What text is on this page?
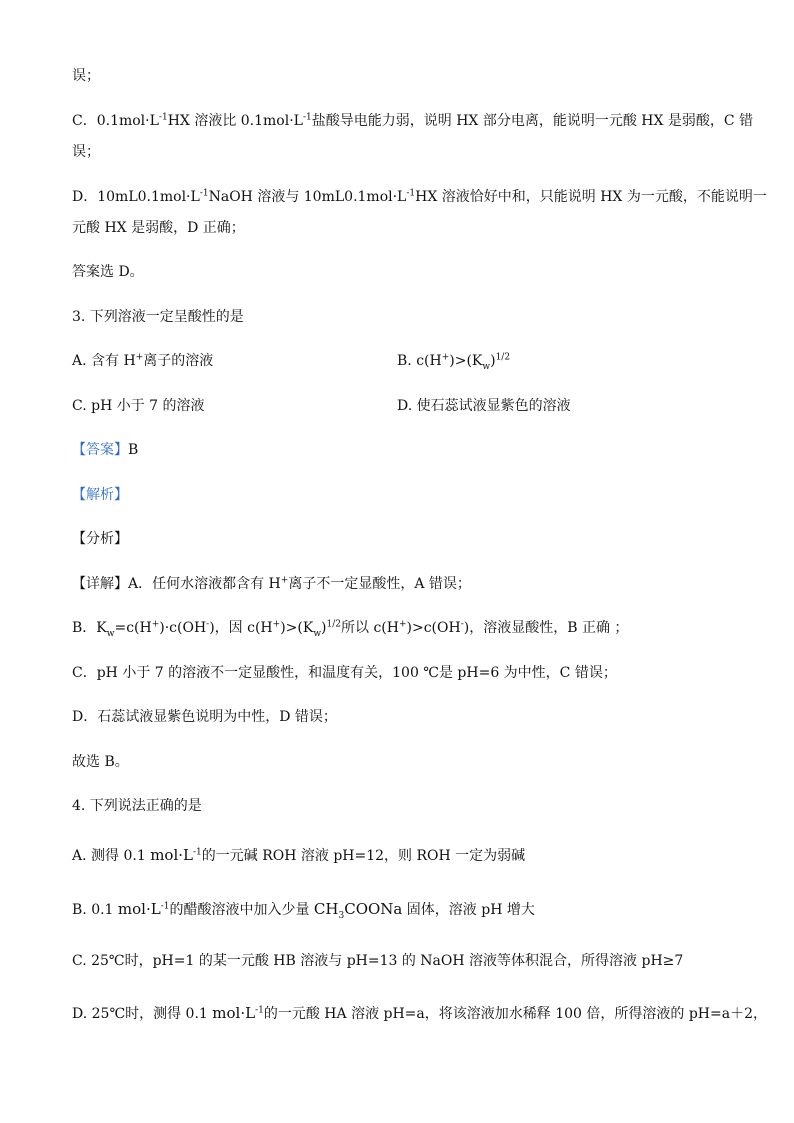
误；
C．$0.1mol\cdot L^{-1}HX$ 溶液比 $0.1mol\cdot L^{-1}$盐酸导电能力弱，说明 HX 部分电离，能说明一元酸 HX 是弱酸，C 错
误；
D．$10mL0.1mol\cdot L^{-1}NaOH$ 溶液与 $10mL0.1mol\cdot L^{-1}HX$ 溶液恰好中和，只能说明 HX 为一元酸，不能说明一
元酸 HX 是弱酸，D 正确；
答案选 D。
3. 下列溶液一定呈酸性的是
A. 含有 H+离子的溶液	B. $c(H^+)>(K_w)^{1/2}$
C. pH 小于 7 的溶液	D. 使石蕊试液显紫色的溶液
【答案】B
【解析】
【分析】
【详解】A．任何水溶液都含有 H+离子不一定显酸性，A 错误；
B．$K_w=c(H^+)\cdot c(OH^-)$，因 $c(H^+)>(K_w)^{1/2}$所以 c(H+)>c(OH-)，溶液显酸性，B 正确 ；
C．pH 小于 7 的溶液不一定显酸性，和温度有关，100 ℃是 pH=6 为中性，C 错误；
D．石蕊试液显紫色说明为中性，D 错误；
故选 B。
4. 下列说法正确的是
A. 测得 0.1 $mol\cdot L^{-1}$的一元碱 ROH 溶液 pH=12，则 ROH 一定为弱碱
B. 0.1 $mol\cdot L^{-1}$的醋酸溶液中加入少量 $CH_3COONa$ 固体，溶液 pH 增大
C. 25℃时，pH=1 的某一元酸 HB 溶液与 pH=13 的 NaOH 溶液等体积混合，所得溶液 pH≥7
D. 25℃时，测得 0.1 $mol\cdot L^{-1}$的一元酸 HA 溶液 pH=a，将该溶液加水稀释 100 倍，所得溶液的 pH=a＋2，
